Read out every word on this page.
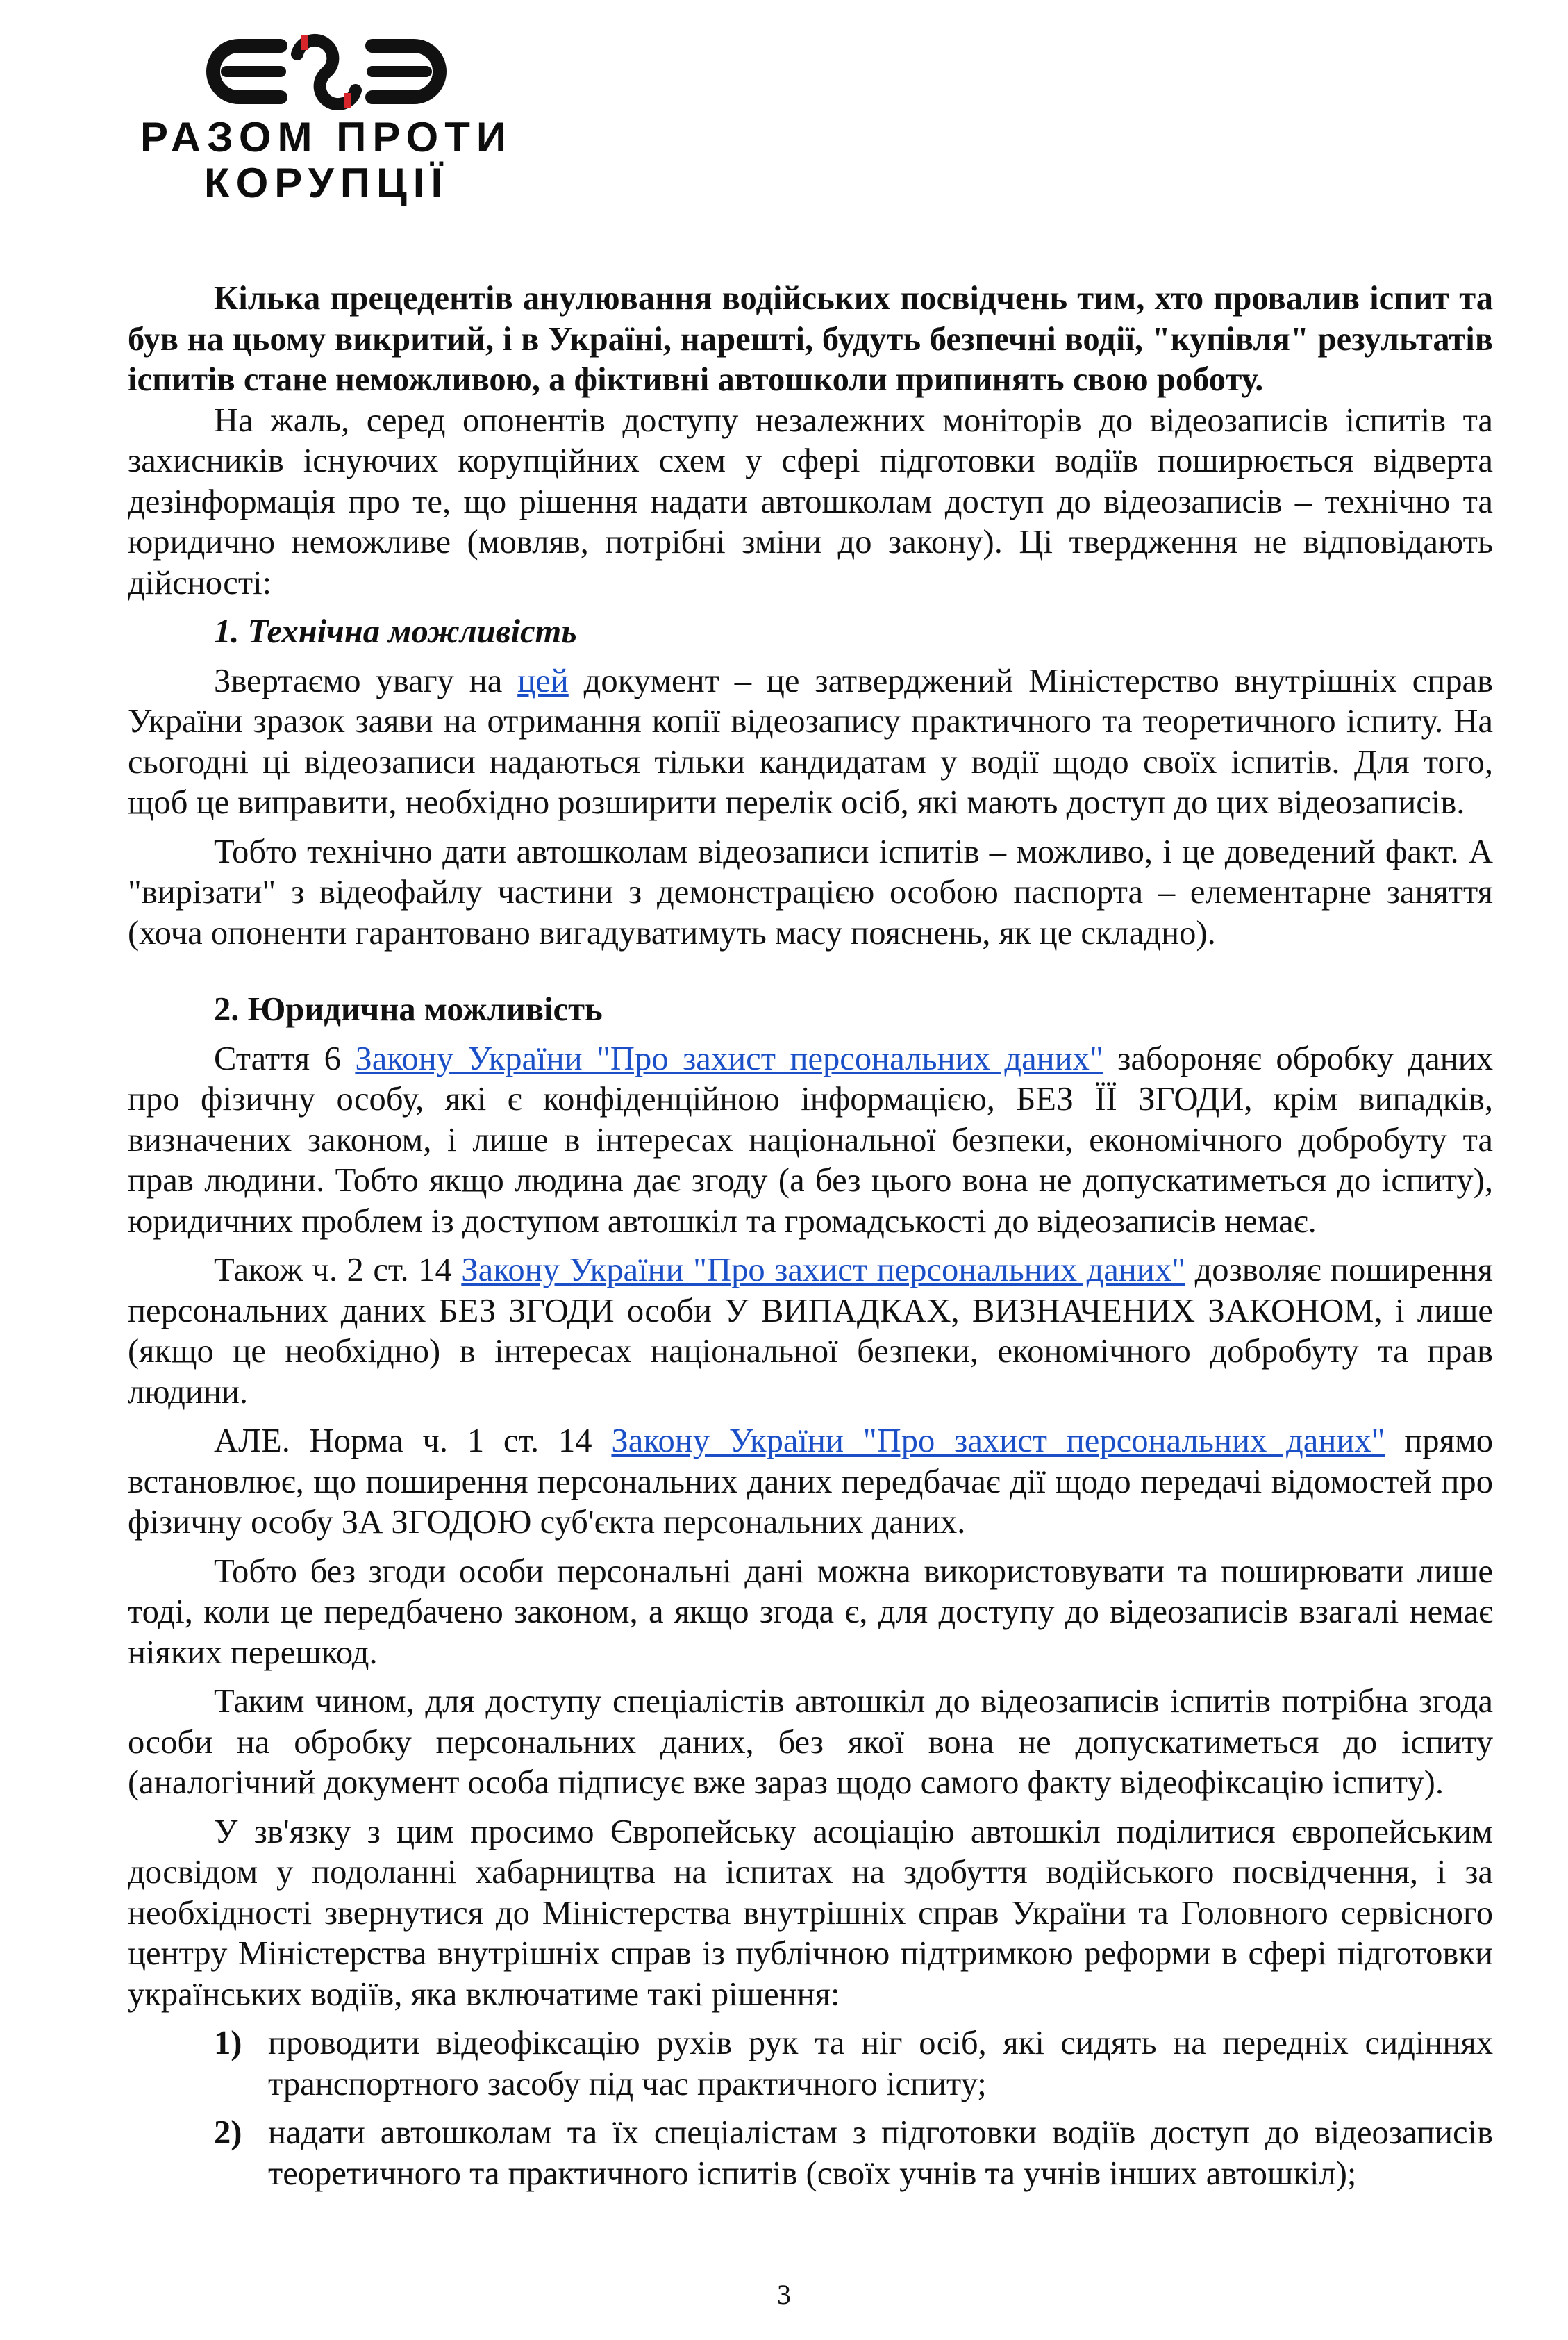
РАЗОМ ПРОТИ
КОРУПЦІЇ

Кілька прецедентів анулювання водійських посвідчень тим, хто провалив іспит та був на цьому викритий, і в Україні, нарешті, будуть безпечні водії, "купівля" результатів іспитів стане неможливою, а фіктивні автошколи припинять свою роботу.

На жаль, серед опонентів доступу незалежних моніторів до відеозаписів іспитів та захисників існуючих корупційних схем у сфері підготовки водіїв поширюється відверта дезінформація про те, що рішення надати автошколам доступ до відеозаписів – технічно та юридично неможливе (мовляв, потрібні зміни до закону). Ці твердження не відповідають дійсності:

1. Технічна можливість

Звертаємо увагу на цей документ – це затверджений Міністерство внутрішніх справ України зразок заяви на отримання копії відеозапису практичного та теоретичного іспиту. На сьогодні ці відеозаписи надаються тільки кандидатам у водії щодо своїх іспитів. Для того, щоб це виправити, необхідно розширити перелік осіб, які мають доступ до цих відеозаписів.

Тобто технічно дати автошколам відеозаписи іспитів – можливо, і це доведений факт. А "вирізати" з відеофайлу частини з демонстрацією особою паспорта – елементарне заняття (хоча опоненти гарантовано вигадуватимуть масу пояснень, як це складно).

2. Юридична можливість

Стаття 6 Закону України "Про захист персональних даних" забороняє обробку даних про фізичну особу, які є конфіденційною інформацією, БЕЗ ЇЇ ЗГОДИ, крім випадків, визначених законом, і лише в інтересах національної безпеки, економічного добробуту та прав людини. Тобто якщо людина дає згоду (а без цього вона не допускатиметься до іспиту), юридичних проблем із доступом автошкіл та громадськості до відеозаписів немає.

Також ч. 2 ст. 14 Закону України "Про захист персональних даних" дозволяє поширення персональних даних БЕЗ ЗГОДИ особи У ВИПАДКАХ, ВИЗНАЧЕНИХ ЗАКОНОМ, і лише (якщо це необхідно) в інтересах національної безпеки, економічного добробуту та прав людини.

АЛЕ. Норма ч. 1 ст. 14 Закону України "Про захист персональних даних" прямо встановлює, що поширення персональних даних передбачає дії щодо передачі відомостей про фізичну особу ЗА ЗГОДОЮ суб'єкта персональних даних.

Тобто без згоди особи персональні дані можна використовувати та поширювати лише тоді, коли це передбачено законом, а якщо згода є, для доступу до відеозаписів взагалі немає ніяких перешкод.

Таким чином, для доступу спеціалістів автошкіл до відеозаписів іспитів потрібна згода особи на обробку персональних даних, без якої вона не допускатиметься до іспиту (аналогічний документ особа підписує вже зараз щодо самого факту відеофіксацію іспиту).

У зв'язку з цим просимо Європейську асоціацію автошкіл поділитися європейським досвідом у подоланні хабарництва на іспитах на здобуття водійського посвідчення, і за необхідності звернутися до Міністерства внутрішніх справ України та Головного сервісного центру Міністерства внутрішніх справ із публічною підтримкою реформи в сфері підготовки українських водіїв, яка включатиме такі рішення:

1) проводити відеофіксацію рухів рук та ніг осіб, які сидять на передніх сидіннях транспортного засобу під час практичного іспиту;
2) надати автошколам та їх спеціалістам з підготовки водіїв доступ до відеозаписів теоретичного та практичного іспитів (своїх учнів та учнів інших автошкіл);
3
